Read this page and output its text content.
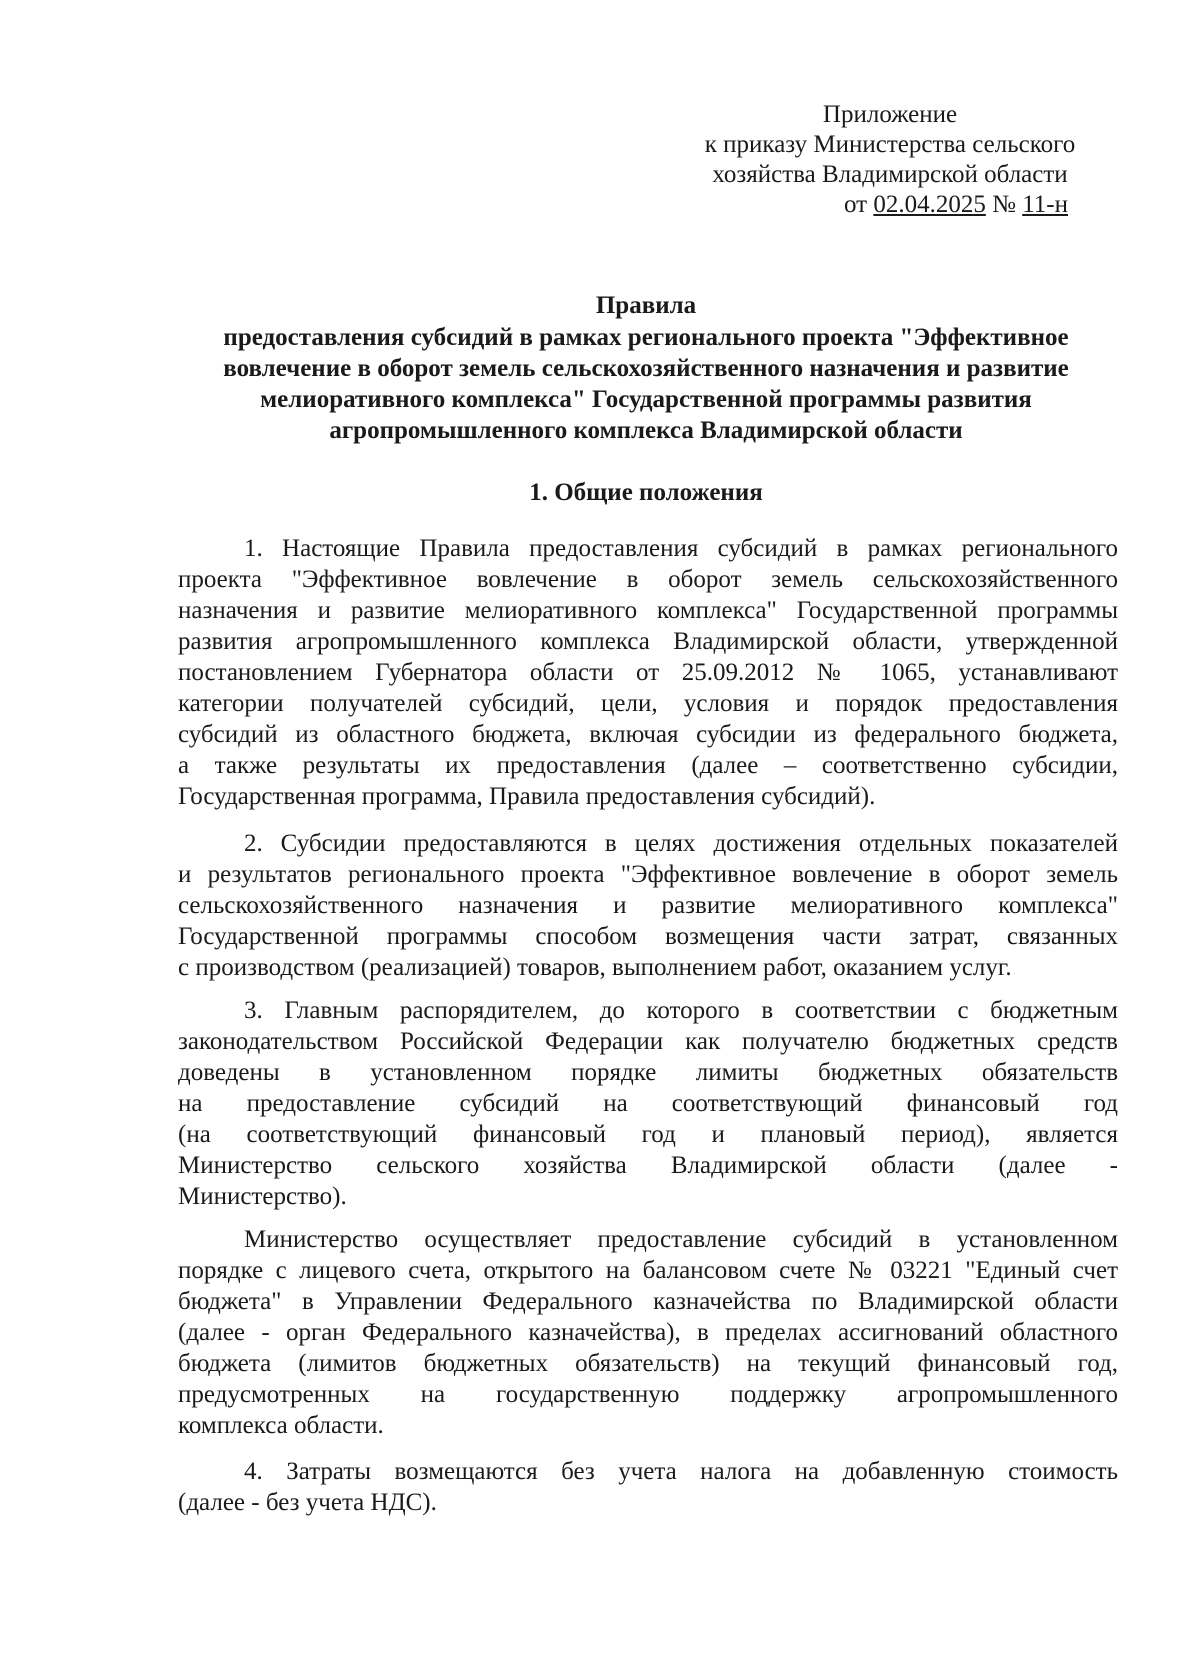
Приложение
к приказу Министерства сельского
хозяйства Владимирской области
от 02.04.2025 № 11-н
Правила
предоставления субсидий в рамках регионального проекта "Эффективное
вовлечение в оборот земель сельскохозяйственного назначения и развитие
мелиоративного комплекса" Государственной программы развития
агропромышленного комплекса Владимирской области
1. Общие положения
1. Настоящие Правила предоставления субсидий в рамках регионального
проекта "Эффективное вовлечение в оборот земель сельскохозяйственного
назначения и развитие мелиоративного комплекса" Государственной программы
развития агропромышленного комплекса Владимирской области, утвержденной
постановлением Губернатора области от 25.09.2012 № 1065, устанавливают
категории получателей субсидий, цели, условия и порядок предоставления
субсидий из областного бюджета, включая субсидии из федерального бюджета,
а также результаты их предоставления (далее – соответственно субсидии,
Государственная программа, Правила предоставления субсидий).
2. Субсидии предоставляются в целях достижения отдельных показателей
и результатов регионального проекта "Эффективное вовлечение в оборот земель
сельскохозяйственного назначения и развитие мелиоративного комплекса"
Государственной программы способом возмещения части затрат, связанных
с производством (реализацией) товаров, выполнением работ, оказанием услуг.
3. Главным распорядителем, до которого в соответствии с бюджетным
законодательством Российской Федерации как получателю бюджетных средств
доведены в установленном порядке лимиты бюджетных обязательств
на предоставление субсидий на соответствующий финансовый год
(на соответствующий финансовый год и плановый период), является
Министерство сельского хозяйства Владимирской области (далее -
Министерство).
Министерство осуществляет предоставление субсидий в установленном
порядке с лицевого счета, открытого на балансовом счете № 03221 "Единый счет
бюджета" в Управлении Федерального казначейства по Владимирской области
(далее - орган Федерального казначейства), в пределах ассигнований областного
бюджета (лимитов бюджетных обязательств) на текущий финансовый год,
предусмотренных на государственную поддержку агропромышленного
комплекса области.
4. Затраты возмещаются без учета налога на добавленную стоимость
(далее - без учета НДС).
